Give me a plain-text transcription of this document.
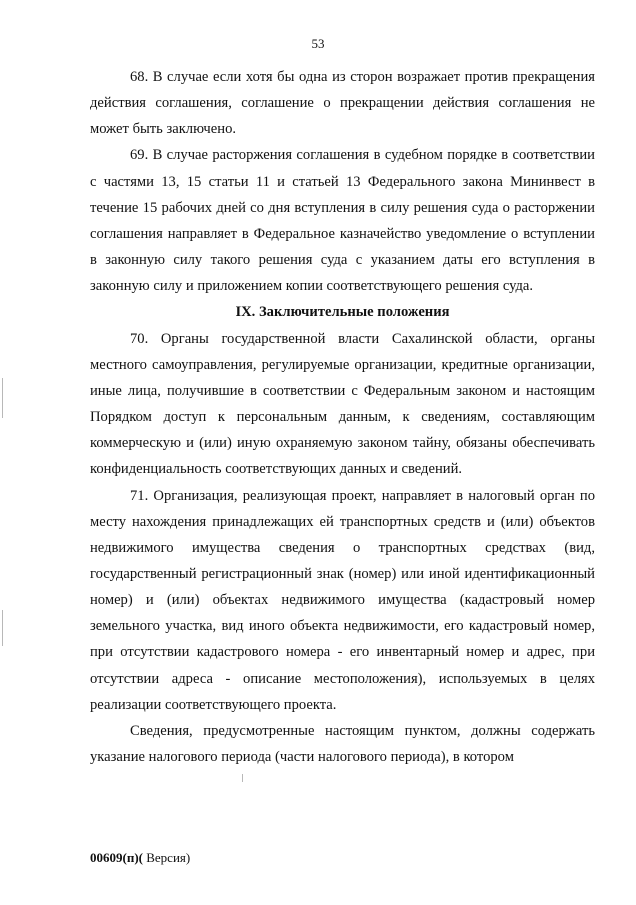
53

68. В случае если хотя бы одна из сторон возражает против прекращения действия соглашения, соглашение о прекращении действия соглашения не может быть заключено.

69. В случае расторжения соглашения в судебном порядке в соответствии с частями 13, 15 статьи 11 и статьей 13 Федерального закона Мининвест в течение 15 рабочих дней со дня вступления в силу решения суда о расторжении соглашения направляет в Федеральное казначейство уведомление о вступлении в законную силу такого решения суда с указанием даты его вступления в законную силу и приложением копии соответствующего решения суда.

IX. Заключительные положения

70. Органы государственной власти Сахалинской области, органы местного самоуправления, регулируемые организации, кредитные организации, иные лица, получившие в соответствии с Федеральным законом и настоящим Порядком доступ к персональным данным, к сведениям, составляющим коммерческую и (или) иную охраняемую законом тайну, обязаны обеспечивать конфиденциальность соответствующих данных и сведений.

71. Организация, реализующая проект, направляет в налоговый орган по месту нахождения принадлежащих ей транспортных средств и (или) объектов недвижимого имущества сведения о транспортных средствах (вид, государственный регистрационный знак (номер) или иной идентификационный номер) и (или) объектах недвижимого имущества (кадастровый номер земельного участка, вид иного объекта недвижимости, его кадастровый номер, при отсутствии кадастрового номера - его инвентарный номер и адрес, при отсутствии адреса - описание местоположения), используемых в целях реализации соответствующего проекта.

Сведения, предусмотренные настоящим пунктом, должны содержать указание налогового периода (части налогового периода), в котором

00609(п)( Версия)
